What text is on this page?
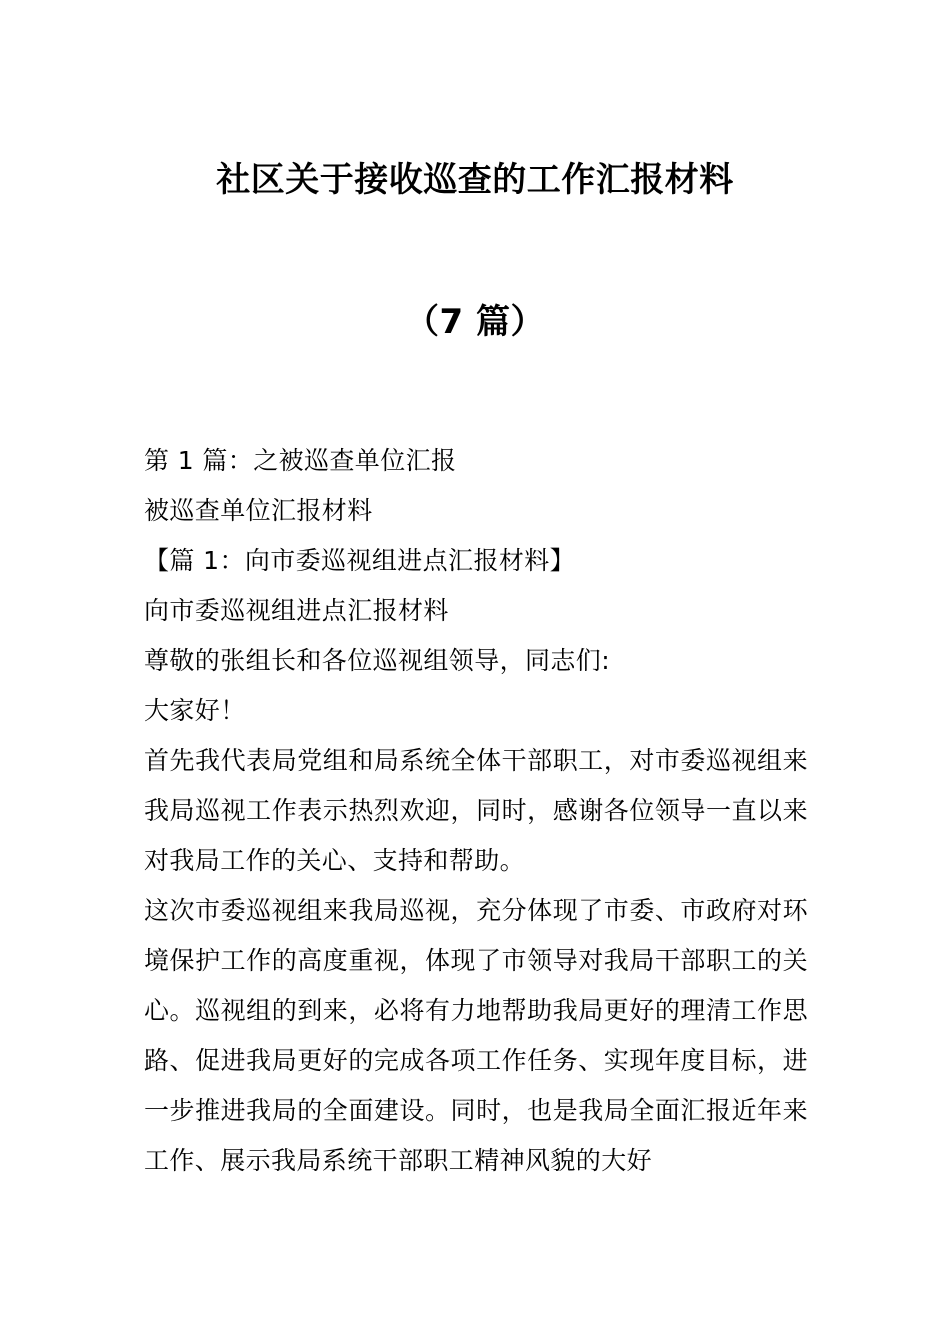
社区关于接收巡查的工作汇报材料
（7 篇）

第 1 篇：之被巡查单位汇报

被巡查单位汇报材料

【篇 1：向市委巡视组进点汇报材料】

向市委巡视组进点汇报材料

尊敬的张组长和各位巡视组领导，同志们:

大家好！

首先我代表局党组和局系统全体干部职工，对市委巡视组来我局巡视工作表示热烈欢迎，同时，感谢各位领导一直以来对我局工作的关心、支持和帮助。

这次市委巡视组来我局巡视，充分体现了市委、市政府对环境保护工作的高度重视，体现了市领导对我局干部职工的关心。巡视组的到来，必将有力地帮助我局更好的理清工作思路、促进我局更好的完成各项工作任务、实现年度目标，进一步推进我局的全面建设。同时，也是我局全面汇报近年来工作、展示我局系统干部职工精神风貌的大好
